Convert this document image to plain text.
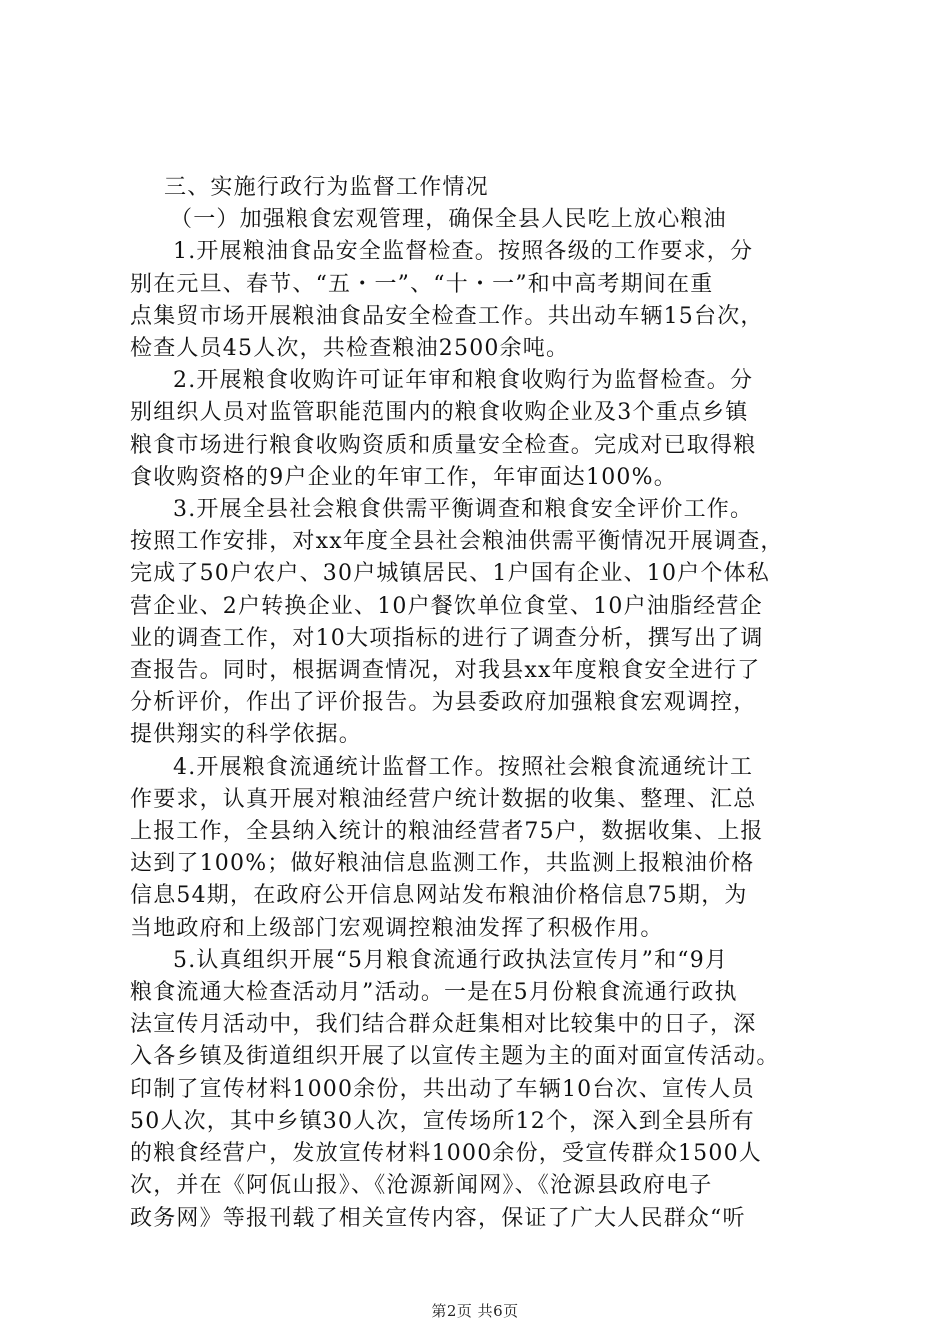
三、实施行政行为监督工作情况
（一）加强粮食宏观管理，确保全县人民吃上放心粮油
1.开展粮油食品安全监督检查。按照各级的工作要求，分
别在元旦、春节、“五・一”、“十・一”和中高考期间在重
点集贸市场开展粮油食品安全检查工作。共出动车辆15台次，
检查人员45人次，共检查粮油2500余吨。
2.开展粮食收购许可证年审和粮食收购行为监督检查。分
别组织人员对监管职能范围内的粮食收购企业及3个重点乡镇
粮食市场进行粮食收购资质和质量安全检查。完成对已取得粮
食收购资格的9户企业的年审工作，年审面达100%。
3.开展全县社会粮食供需平衡调查和粮食安全评价工作。
按照工作安排，对xx年度全县社会粮油供需平衡情况开展调查，
完成了50户农户、30户城镇居民、1户国有企业、10户个体私
营企业、2户转换企业、10户餐饮单位食堂、10户油脂经营企
业的调查工作，对10大项指标的进行了调查分析，撰写出了调
查报告。同时，根据调查情况，对我县xx年度粮食安全进行了
分析评价，作出了评价报告。为县委政府加强粮食宏观调控，
提供翔实的科学依据。
4.开展粮食流通统计监督工作。按照社会粮食流通统计工
作要求，认真开展对粮油经营户统计数据的收集、整理、汇总
上报工作，全县纳入统计的粮油经营者75户，数据收集、上报
达到了100%；做好粮油信息监测工作，共监测上报粮油价格
信息54期，在政府公开信息网站发布粮油价格信息75期，为
当地政府和上级部门宏观调控粮油发挥了积极作用。
5.认真组织开展“5月粮食流通行政执法宣传月”和“9月
粮食流通大检查活动月”活动。一是在5月份粮食流通行政执
法宣传月活动中，我们结合群众赶集相对比较集中的日子，深
入各乡镇及街道组织开展了以宣传主题为主的面对面宣传活动。
印制了宣传材料1000余份，共出动了车辆10台次、宣传人员
50人次，其中乡镇30人次，宣传场所12个，深入到全县所有
的粮食经营户，发放宣传材料1000余份，受宣传群众1500人
次，并在《阿佤山报》、《沧源新闻网》、《沧源县政府电子
政务网》等报刊载了相关宣传内容，保证了广大人民群众“听
第2页 共6页
